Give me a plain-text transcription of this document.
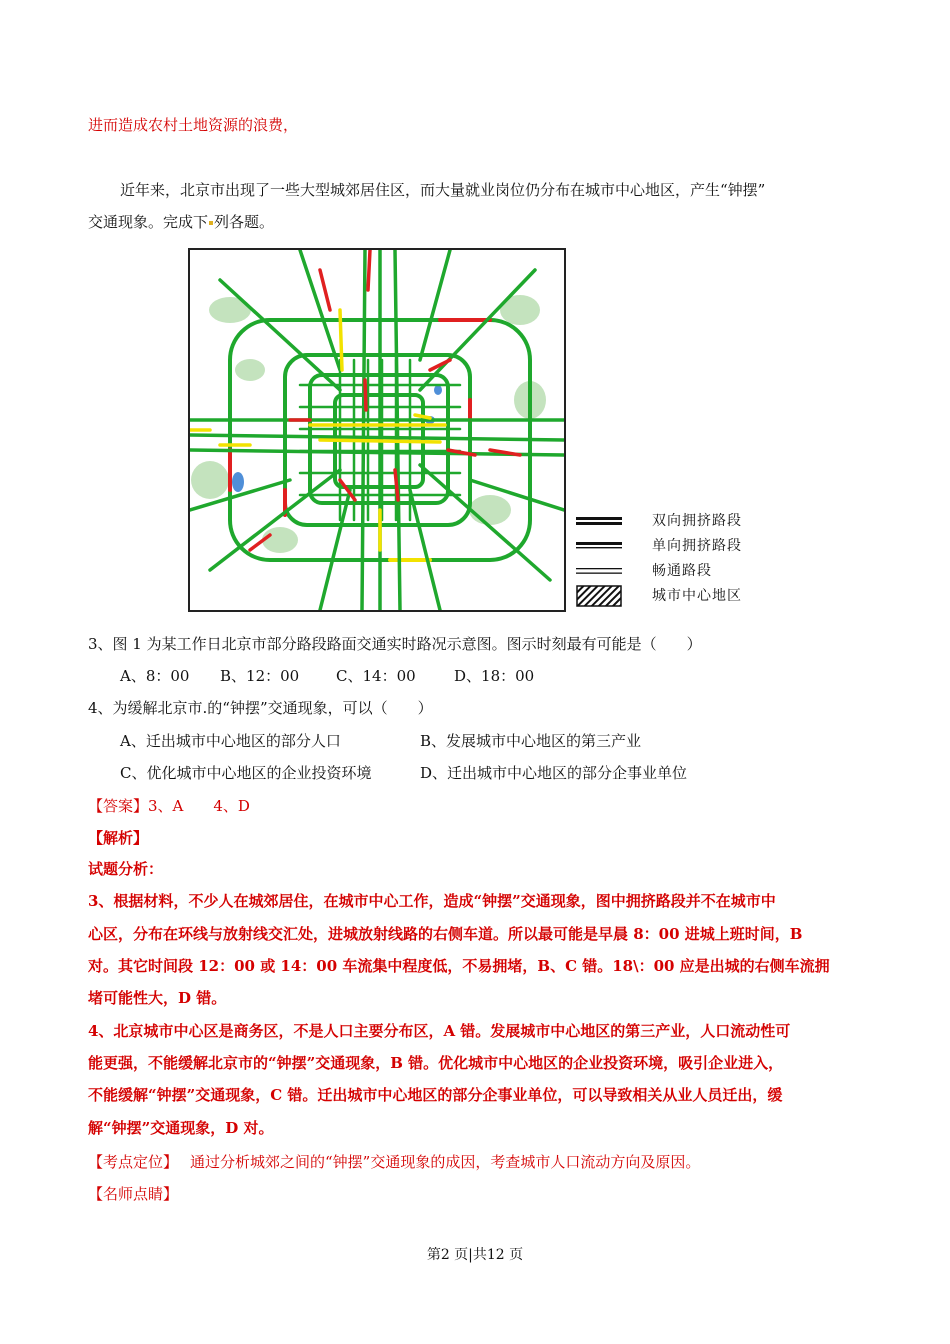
进而造成农村土地资源的浪费，
近年来，北京市出现了一些大型城郊居住区，而大量就业岗位仍分布在城市中心地区，产生“钟摆”
交通现象。完成下 列各题。
双向拥挤路段
单向拥挤路段
畅通路段
城市中心地区
3、图 1 为某工作日北京市部分路段路面交通实时路况示意图。图示时刻最有可能是（　　）
A、8：00 B、12：00 C、14：00	D、18：00
4、为缓解北京市.的“钟摆”交通现象，可以（　　）
A、迁出城市中心地区的部分人口	B、发展城市中心地区的第三产业
C、优化城市中心地区的企业投资环境	D、迁出城市中心地区的部分企事业单位
【答案】3、A　　4、D
【解析】
试题分析：
3、根据材料，不少人在城郊居住，在城市中心工作，造成“钟摆”交通现象，图中拥挤路段并不在城市中
心区，分布在环线与放射线交汇处，进城放射线路的右侧车道。所以最可能是早晨 8：00 进城上班时间，B
对。其它时间段 12：00 或 14：00 车流集中程度低，不易拥堵，B、C 错。18\：00 应是出城的右侧车流拥
堵可能性大，D 错。
4、北京城市中心区是商务区，不是人口主要分布区，A 错。发展城市中心地区的第三产业，人口流动性可
能更强，不能缓解北京市的“钟摆”交通现象，B 错。优化城市中心地区的企业投资环境，吸引企业进入，
不能缓解“钟摆”交通现象，C 错。迁出城市中心地区的部分企事业单位，可以导致相关从业人员迁出，缓
解“钟摆”交通现象，D 对。
【考点定位】 通过分析城郊之间的“钟摆”交通现象的成因，考查城市人口流动方向及原因。
【名师点睛】
第2 页|共12 页
